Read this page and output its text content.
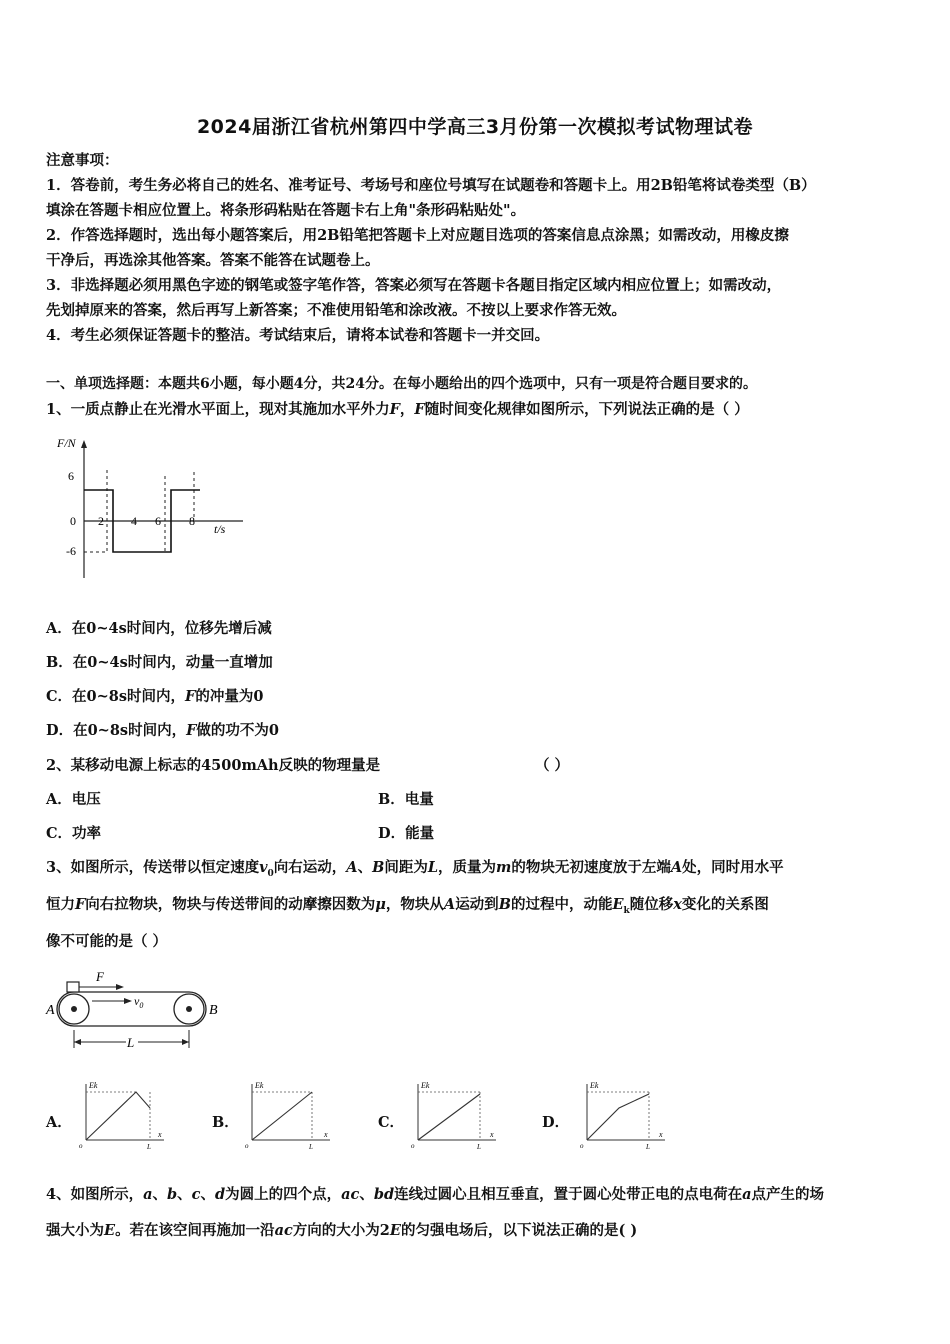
2024届浙江省杭州第四中学高三3月份第一次模拟考试物理试卷
注意事项：
1．答卷前，考生务必将自己的姓名、准考证号、考场号和座位号填写在试题卷和答题卡上。用2B铅笔将试卷类型（B）
填涂在答题卡相应位置上。将条形码粘贴在答题卡右上角"条形码粘贴处"。
2．作答选择题时，选出每小题答案后，用2B铅笔把答题卡上对应题目选项的答案信息点涂黑；如需改动，用橡皮擦
干净后，再选涂其他答案。答案不能答在试题卷上。
3．非选择题必须用黑色字迹的钢笔或签字笔作答，答案必须写在答题卡各题目指定区域内相应位置上；如需改动，
先划掉原来的答案，然后再写上新答案；不准使用铅笔和涂改液。不按以上要求作答无效。
4．考生必须保证答题卡的整洁。考试结束后，请将本试卷和答题卡一并交回。
一、单项选择题：本题共6小题，每小题4分，共24分。在每小题给出的四个选项中，只有一项是符合题目要求的。
1、一质点静止在光滑水平面上，现对其施加水平外力F，F随时间变化规律如图所示，下列说法正确的是（ ）
F/N
t/s
6
0
-6
2 4 6 8
A．在0~4s时间内，位移先增后减
B．在0~4s时间内，动量一直增加
C．在0~8s时间内，F的冲量为0
D．在0~8s时间内，F做的功不为0
2、某移动电源上标志的4500mAh反映的物理量是	（ ）
A．电压	B．电量
C．功率	D．能量
3、如图所示，传送带以恒定速度$v_0$向右运动，A、B间距为L，质量为m的物块无初速度放于左端A处，同时用水平
恒力F向右拉物块，物块与传送带间的动摩擦因数为μ，物块从A运动到B的过程中，动能$E_k$随位移x变化的关系图
像不可能的是（ ）
F
$v_0$
A	B
L
A．
Ek
x
o	L
B．
Ek
x
o	L
C．
Ek
x
o	L
D．
Ek
x
o	L
4、如图所示，a、b、c、d为圆上的四个点，ac、bd连线过圆心且相互垂直，置于圆心处带正电的点电荷在a点产生的场
强大小为E。若在该空间再施加一沿ac方向的大小为2E的匀强电场后，以下说法正确的是( )
